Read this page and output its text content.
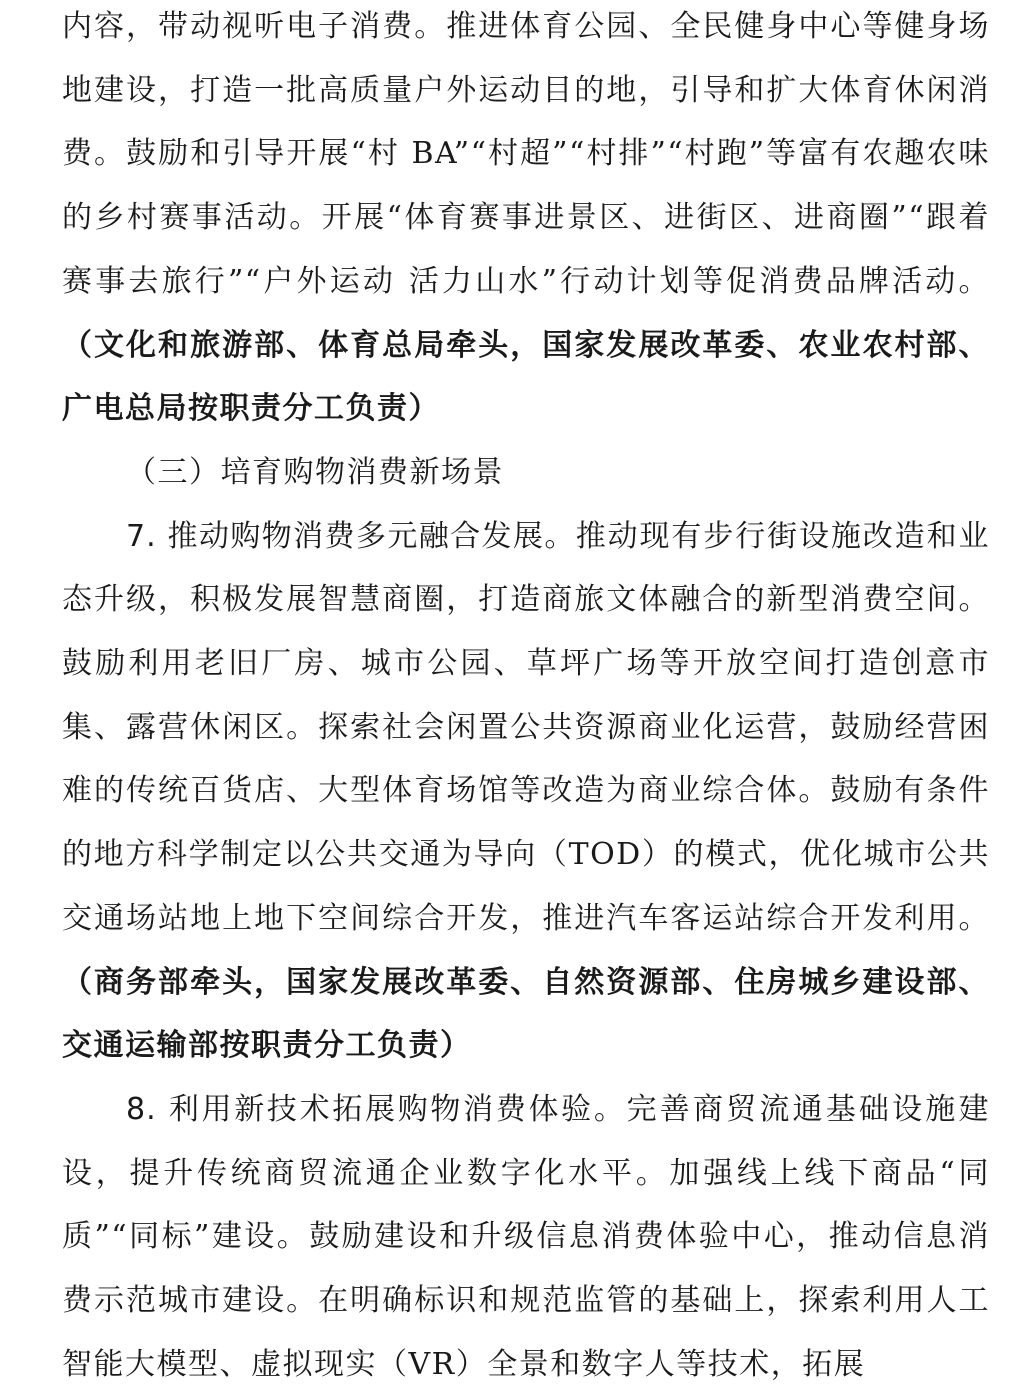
内容，带动视听电子消费。推进体育公园、全民健身中心等健身场地建设，打造一批高质量户外运动目的地，引导和扩大体育休闲消费。鼓励和引导开展“村 BA”“村超”“村排”“村跑”等富有农趣农味的乡村赛事活动。开展“体育赛事进景区、进街区、进商圈”“跟着赛事去旅行”“户外运动 活力山水”行动计划等促消费品牌活动。（文化和旅游部、体育总局牵头，国家发展改革委、农业农村部、广电总局按职责分工负责）

（三）培育购物消费新场景

7. 推动购物消费多元融合发展。推动现有步行街设施改造和业态升级，积极发展智慧商圈，打造商旅文体融合的新型消费空间。鼓励利用老旧厂房、城市公园、草坪广场等开放空间打造创意市集、露营休闲区。探索社会闲置公共资源商业化运营，鼓励经营困难的传统百货店、大型体育场馆等改造为商业综合体。鼓励有条件的地方科学制定以公共交通为导向（TOD）的模式，优化城市公共交通场站地上地下空间综合开发，推进汽车客运站综合开发利用。（商务部牵头，国家发展改革委、自然资源部、住房城乡建设部、交通运输部按职责分工负责）

8. 利用新技术拓展购物消费体验。完善商贸流通基础设施建设，提升传统商贸流通企业数字化水平。加强线上线下商品“同质”“同标”建设。鼓励建设和升级信息消费体验中心，推动信息消费示范城市建设。在明确标识和规范监管的基础上，探索利用人工智能大模型、虚拟现实（VR）全景和数字人等技术，拓展
